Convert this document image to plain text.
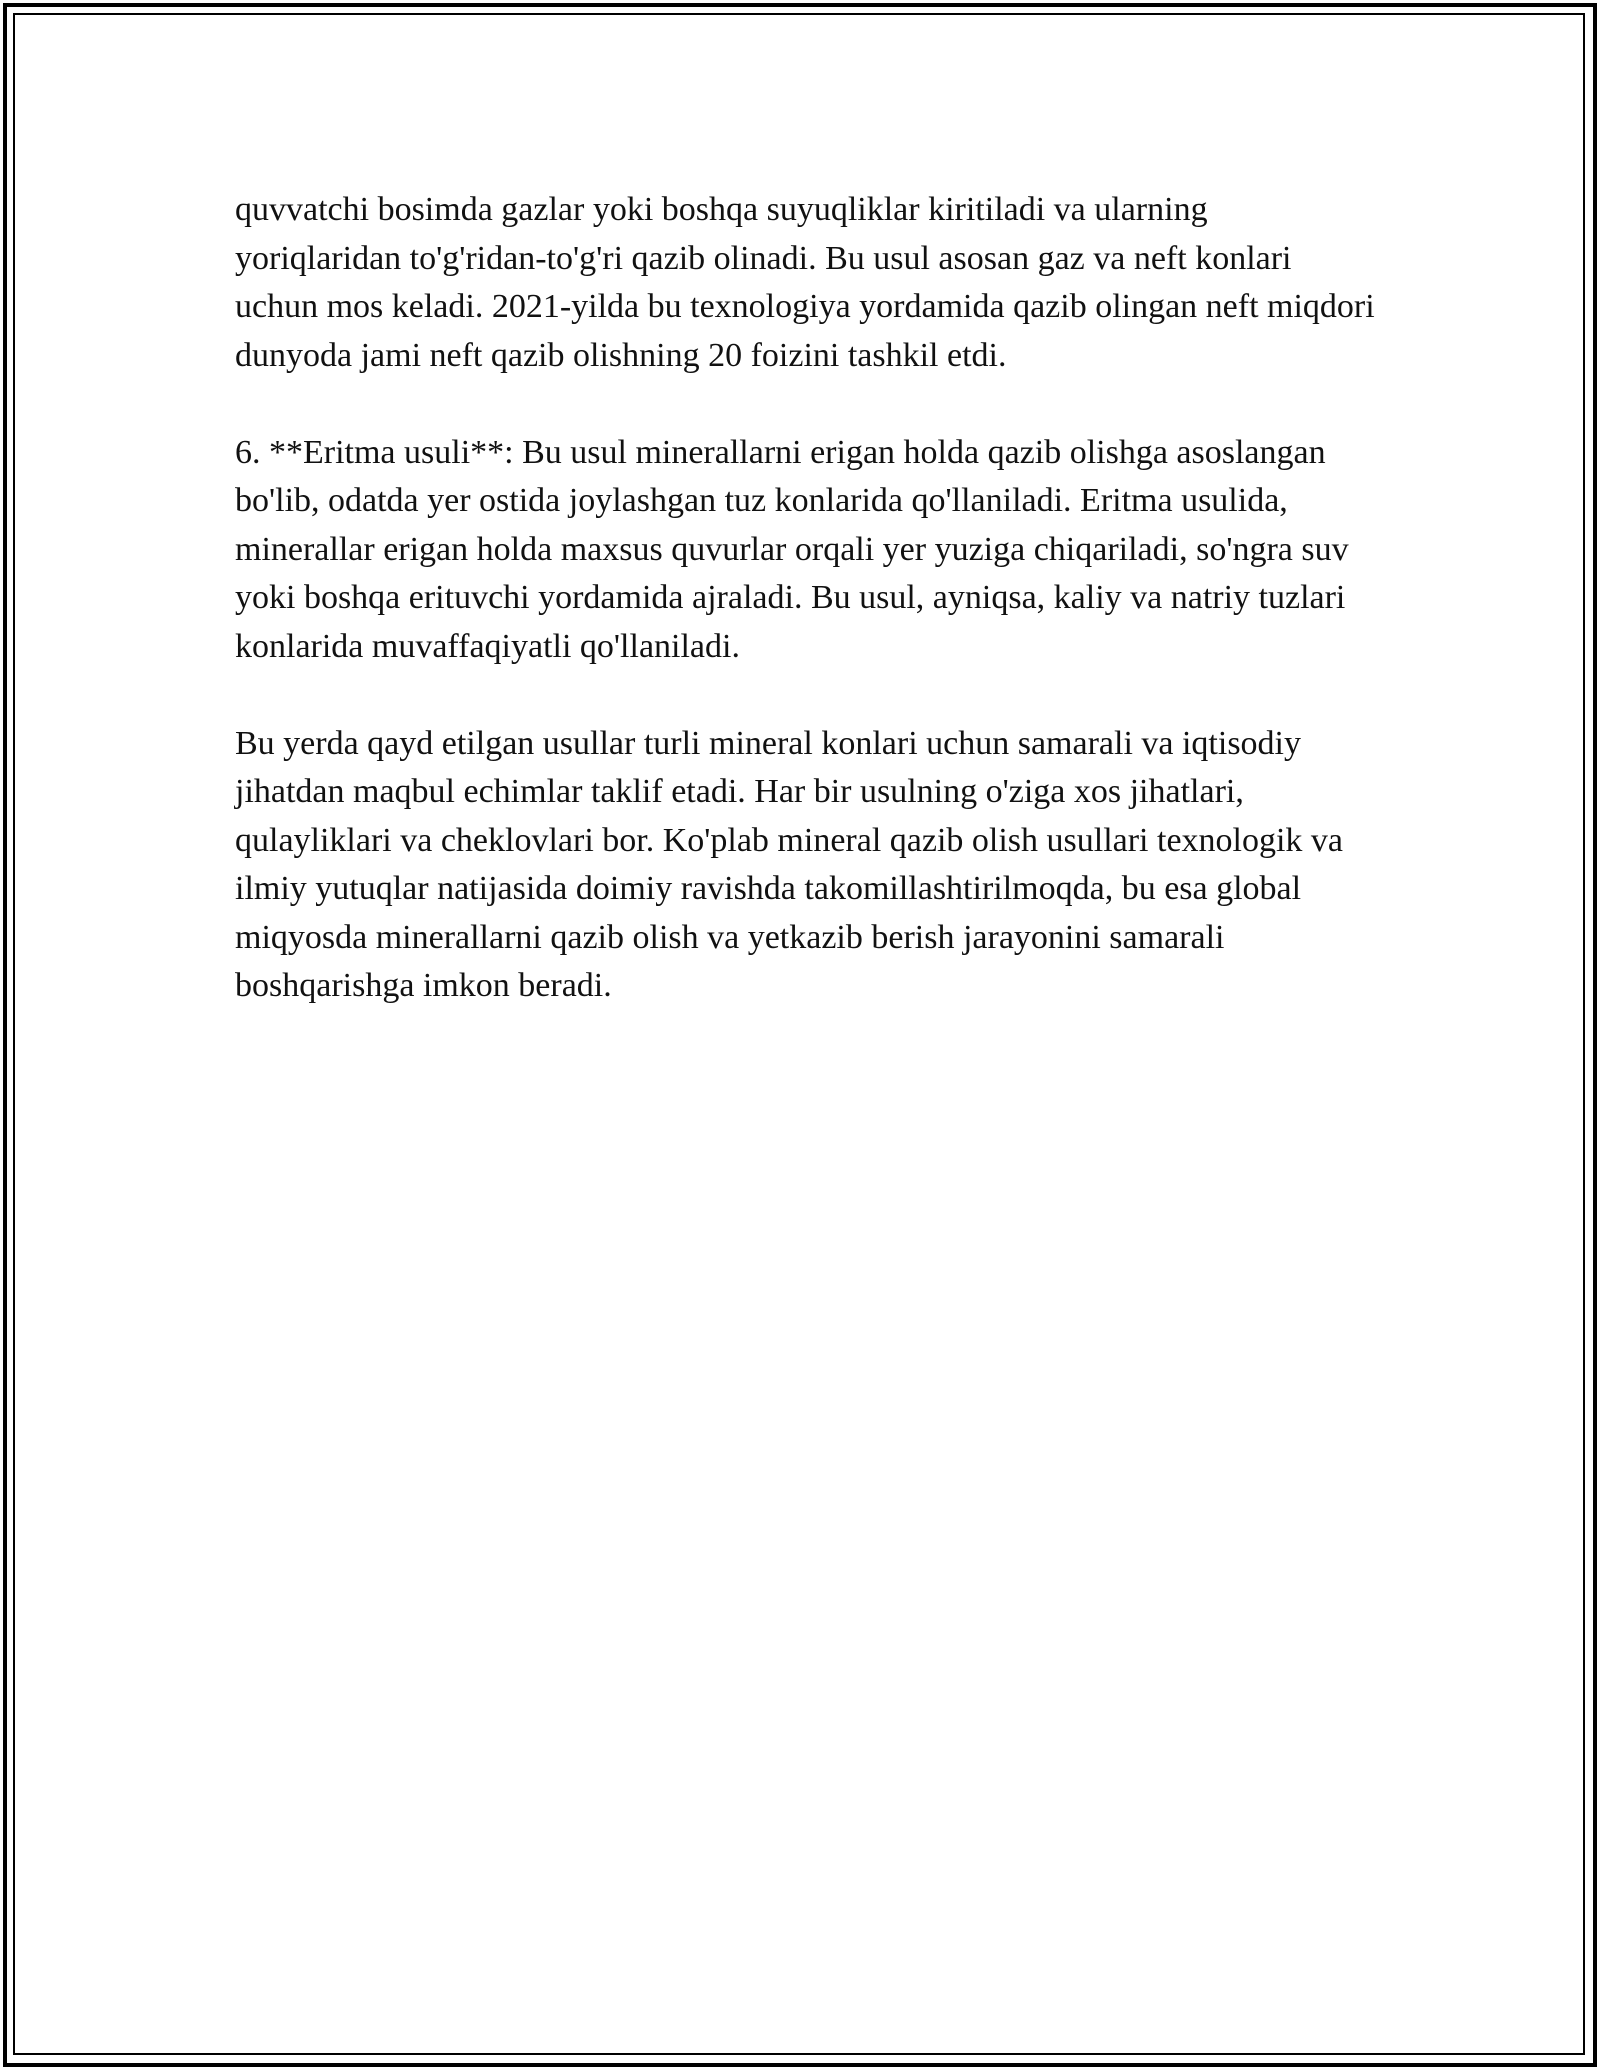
quvvatchi bosimda gazlar yoki boshqa suyuqliklar kiritiladi va ularning yoriqlaridan to'g'ridan-to'g'ri qazib olinadi. Bu usul asosan gaz va neft konlari uchun mos keladi. 2021-yilda bu texnologiya yordamida qazib olingan neft miqdori dunyoda jami neft qazib olishning 20 foizini tashkil etdi.

6. **Eritma usuli**: Bu usul minerallarni erigan holda qazib olishga asoslangan bo'lib, odatda yer ostida joylashgan tuz konlarida qo'llaniladi. Eritma usulida, minerallar erigan holda maxsus quvurlar orqali yer yuziga chiqariladi, so'ngra suv yoki boshqa erituvchi yordamida ajraladi. Bu usul, ayniqsa, kaliy va natriy tuzlari konlarida muvaffaqiyatli qo'llaniladi.

Bu yerda qayd etilgan usullar turli mineral konlari uchun samarali va iqtisodiy jihatdan maqbul echimlar taklif etadi. Har bir usulning o'ziga xos jihatlari, qulayliklari va cheklovlari bor. Ko'plab mineral qazib olish usullari texnologik va ilmiy yutuqlar natijasida doimiy ravishda takomillashtirilmoqda, bu esa global miqyosda minerallarni qazib olish va yetkazib berish jarayonini samarali boshqarishga imkon beradi.
